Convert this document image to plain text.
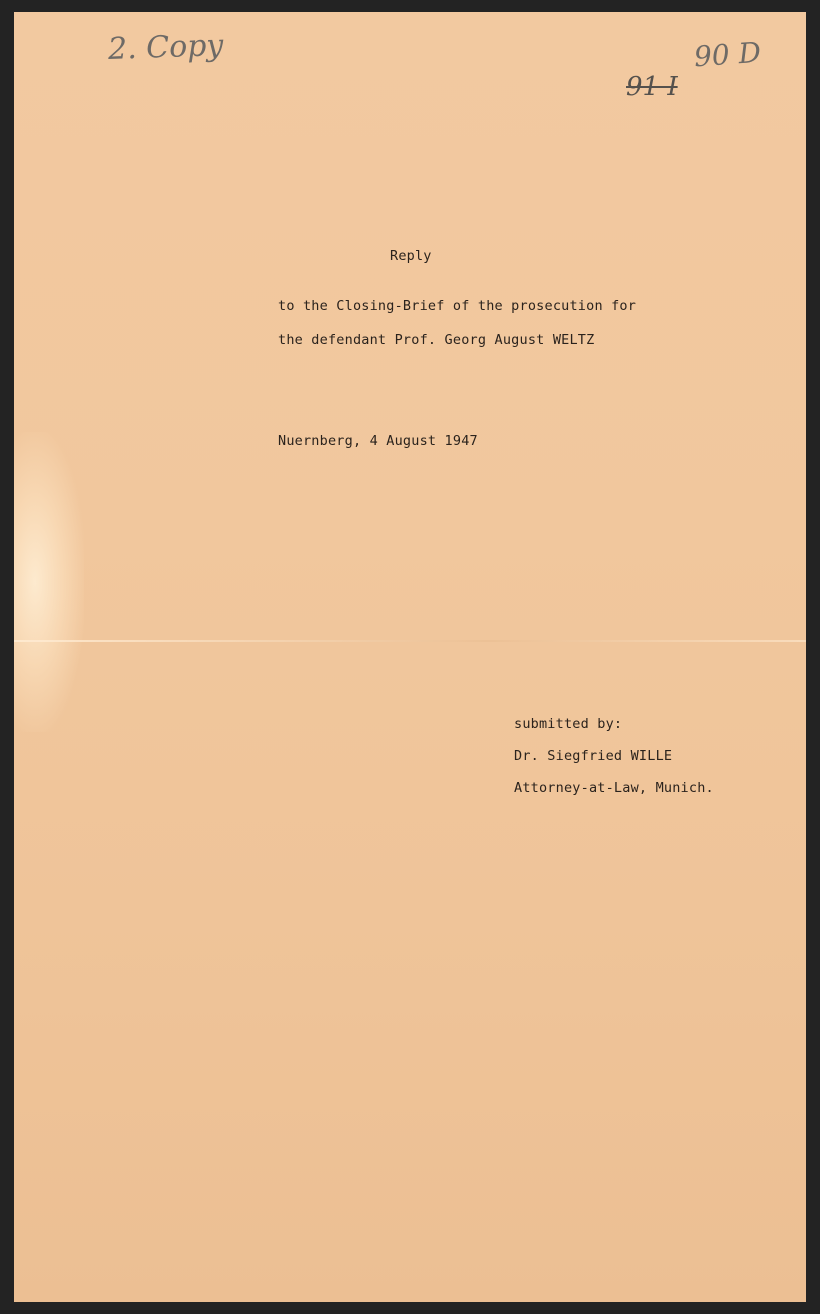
2. Copy	90 D
91 I
Reply
to the Closing-Brief of the prosecution for
the defendant Prof. Georg August WELTZ
Nuernberg, 4 August 1947
submitted by:
Dr. Siegfried WILLE
Attorney-at-Law, Munich.
